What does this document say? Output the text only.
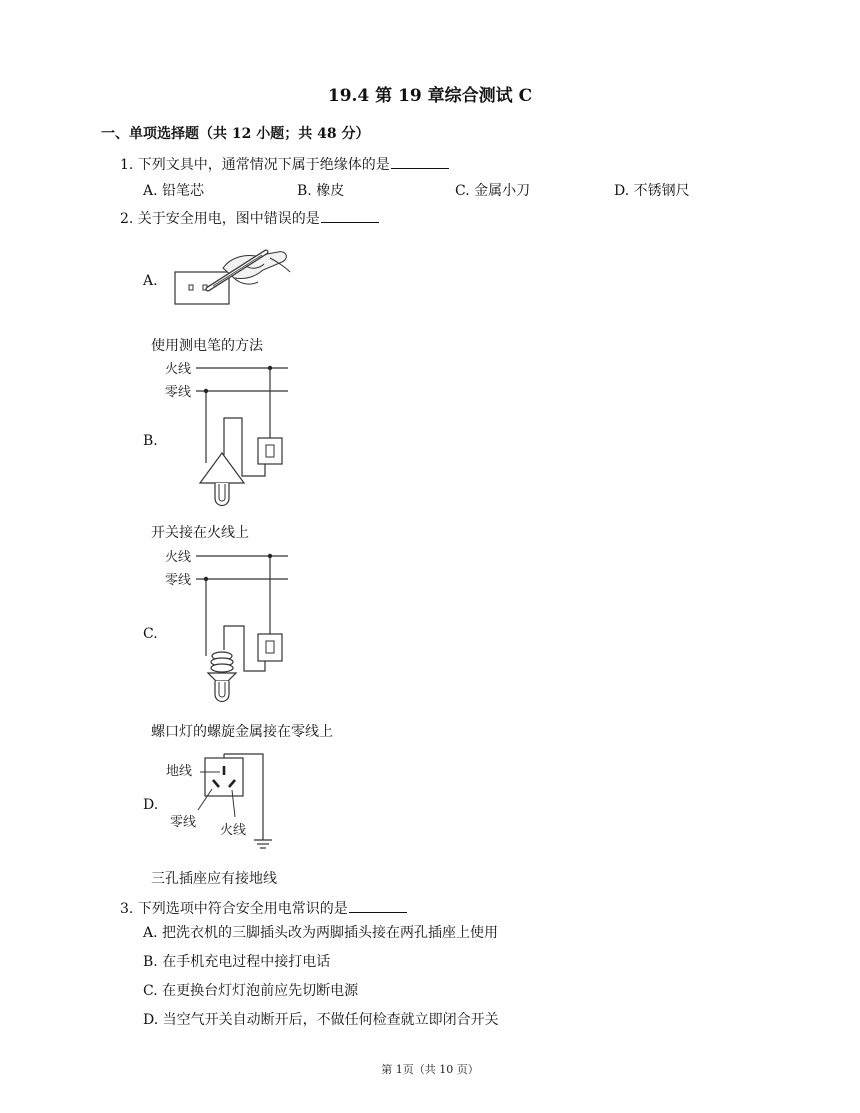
19.4 第 19 章综合测试 C
一、单项选择题（共 12 小题；共 48 分）
1. 下列文具中，通常情况下属于绝缘体的是
A. 铅笔芯	B. 橡皮	C. 金属小刀	D. 不锈钢尺
2. 关于安全用电，图中错误的是
A.
使用测电笔的方法
B.
火线
零线
开关接在火线上
C.
火线
零线
螺口灯的螺旋金属接在零线上
D.
地线
零线
火线
三孔插座应有接地线
3. 下列选项中符合安全用电常识的是
A. 把洗衣机的三脚插头改为两脚插头接在两孔插座上使用
B. 在手机充电过程中接打电话
C. 在更换台灯灯泡前应先切断电源
D. 当空气开关自动断开后，不做任何检查就立即闭合开关
第 1页（共 10 页）
